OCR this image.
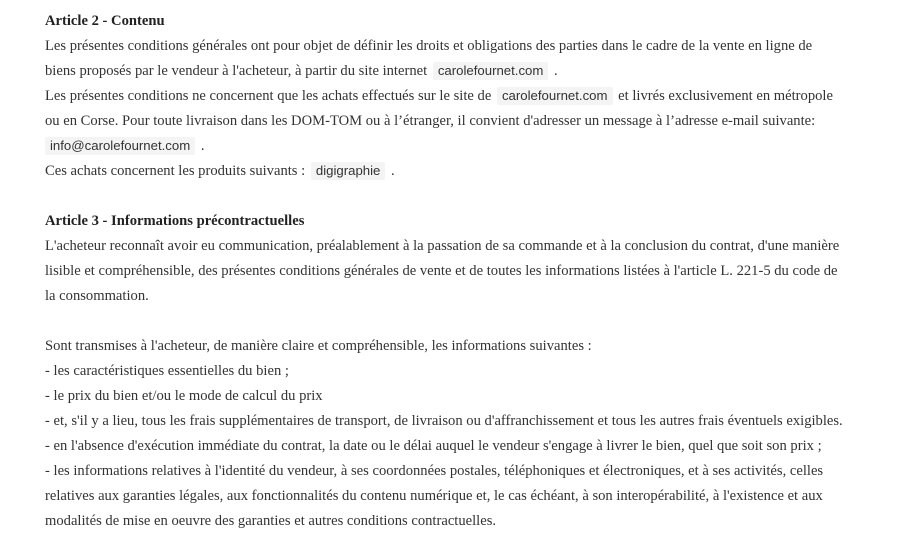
Article 2 - Contenu
Les présentes conditions générales ont pour objet de définir les droits et obligations des parties dans le cadre de la vente en ligne de
biens proposés par le vendeur à l'acheteur, à partir du site internet carolefournet.com .
Les présentes conditions ne concernent que les achats effectués sur le site de carolefournet.com et livrés exclusivement en métropole
ou en Corse. Pour toute livraison dans les DOM-TOM ou à l’étranger, il convient d'adresser un message à l’adresse e-mail suivante:
info@carolefournet.com .
Ces achats concernent les produits suivants : digigraphie .
Article 3 - Informations précontractuelles
L'acheteur reconnaît avoir eu communication, préalablement à la passation de sa commande et à la conclusion du contrat, d'une manière
lisible et compréhensible, des présentes conditions générales de vente et de toutes les informations listées à l'article L. 221-5 du code de
la consommation.
Sont transmises à l'acheteur, de manière claire et compréhensible, les informations suivantes :
- les caractéristiques essentielles du bien ;
- le prix du bien et/ou le mode de calcul du prix
- et, s'il y a lieu, tous les frais supplémentaires de transport, de livraison ou d'affranchissement et tous les autres frais éventuels exigibles.
- en l'absence d'exécution immédiate du contrat, la date ou le délai auquel le vendeur s'engage à livrer le bien, quel que soit son prix ;
- les informations relatives à l'identité du vendeur, à ses coordonnées postales, téléphoniques et électroniques, et à ses activités, celles
relatives aux garanties légales, aux fonctionnalités du contenu numérique et, le cas échéant, à son interopérabilité, à l'existence et aux
modalités de mise en oeuvre des garanties et autres conditions contractuelles.
